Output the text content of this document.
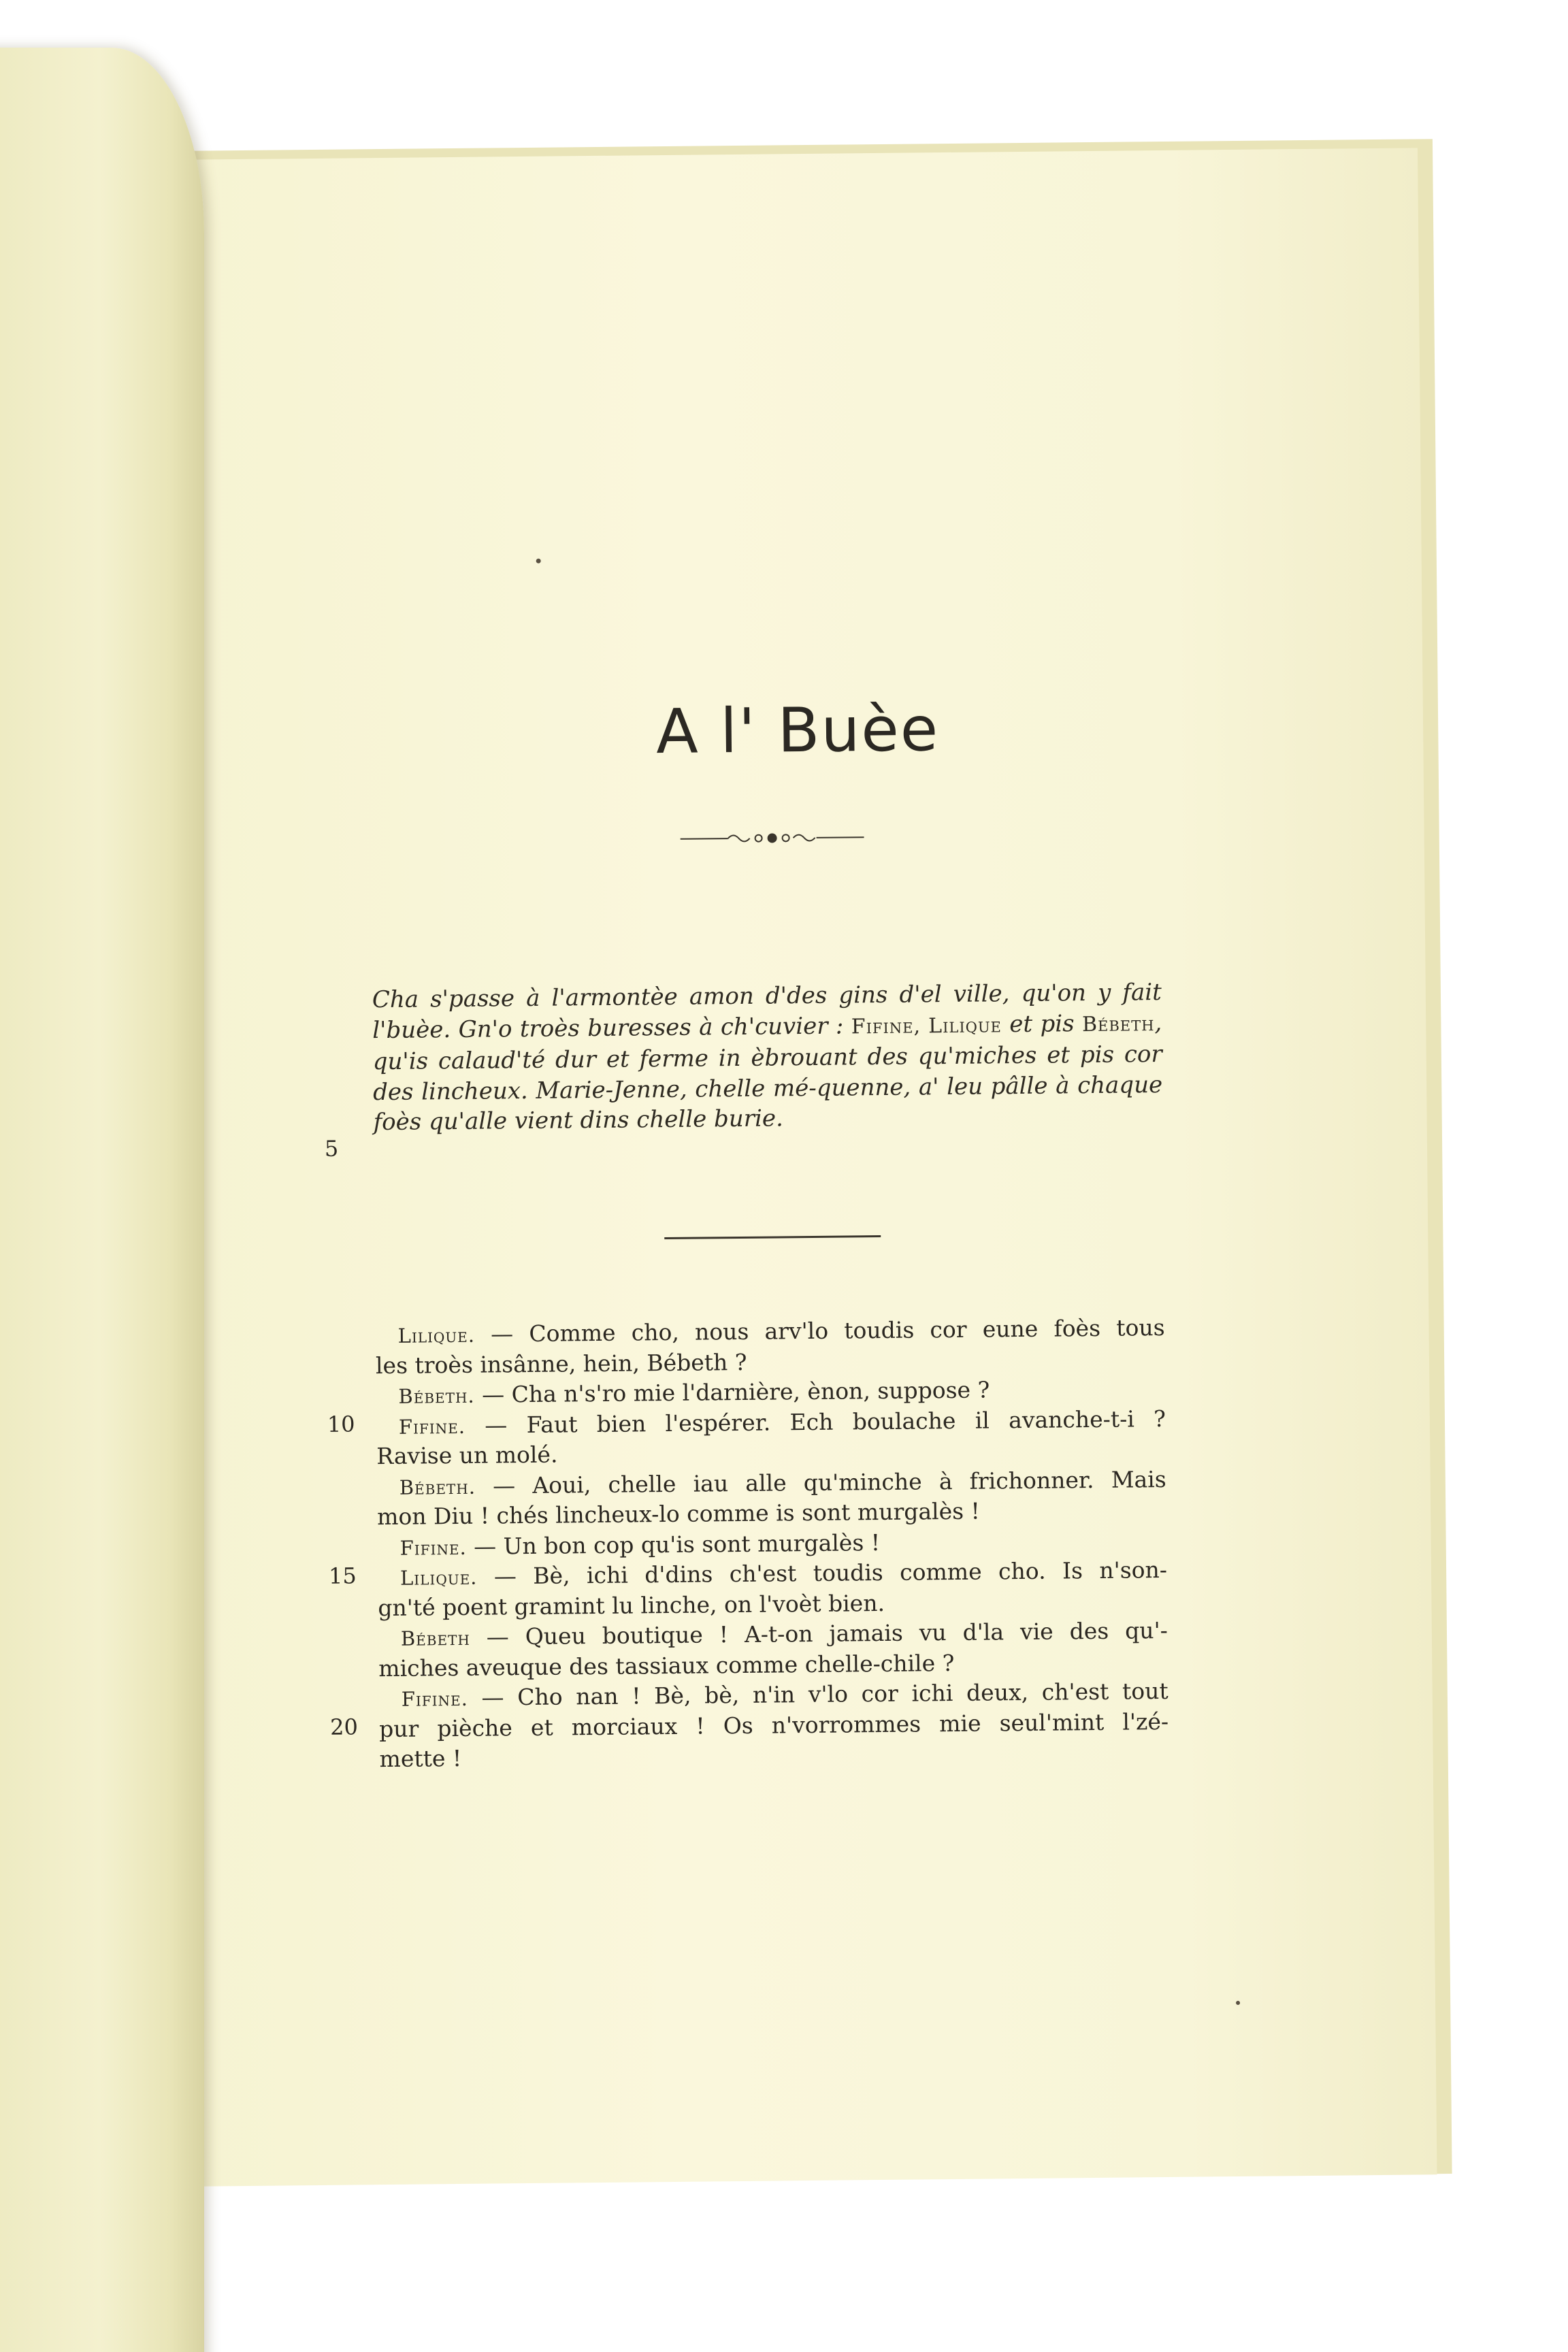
A l' Buèe
Cha s'passe à l'armontèe amon d'des gins d'el ville, qu'on y fait l'buèe. Gn'o troès buresses à ch'cuvier : Fifine, Lilique et pis Bébeth, qu'is calaud'té dur et ferme in èbrouant des qu'miches et pis cor des lincheux. Marie-Jenne, chelle mé-quenne, a' leu pâlle à chaque foès qu'alle vient dins chelle burie.
5
10
15
20
Lilique. — Comme cho, nous arv'lo toudis cor eune foès tous
les troès insânne, hein, Bébeth ?
Bébeth. — Cha n's'ro mie l'darnière, ènon, suppose ?
Fifine. — Faut bien l'espérer. Ech boulache il avanche-t-i ?
Ravise un molé.
Bébeth. — Aoui, chelle iau alle qu'minche à frichonner. Mais
mon Diu ! chés lincheux-lo comme is sont murgalès !
Fifine. — Un bon cop qu'is sont murgalès !
Lilique. — Bè, ichi d'dins ch'est toudis comme cho. Is n'son-
gn'té poent gramint lu linche, on l'voèt bien.
Bébeth — Queu boutique ! A-t-on jamais vu d'la vie des qu'-
miches aveuque des tassiaux comme chelle-chile ?
Fifine. — Cho nan ! Bè, bè, n'in v'lo cor ichi deux, ch'est tout
pur pièche et morciaux ! Os n'vorrommes mie seul'mint l'zé-
mette !
